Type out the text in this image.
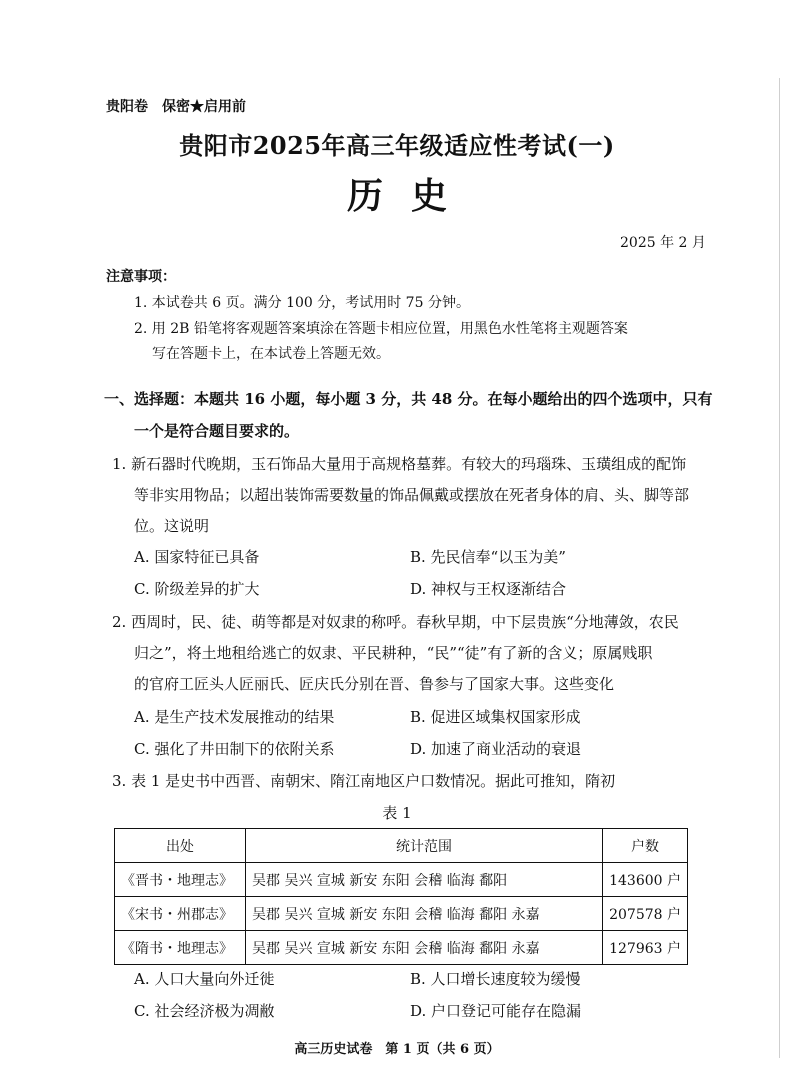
贵阳卷　保密★启用前
贵阳市2025年高三年级适应性考试(一)
历史
2025 年 2 月
注意事项：
1. 本试卷共 6 页。满分 100 分，考试用时 75 分钟。
2. 用 2B 铅笔将客观题答案填涂在答题卡相应位置，用黑色水性笔将主观题答案
写在答题卡上，在本试卷上答题无效。
一、选择题：本题共 16 小题，每小题 3 分，共 48 分。在每小题给出的四个选项中，只有
一个是符合题目要求的。
1. 新石器时代晚期，玉石饰品大量用于高规格墓葬。有较大的玛瑙珠、玉璜组成的配饰
等非实用物品；以超出装饰需要数量的饰品佩戴或摆放在死者身体的肩、头、脚等部
位。这说明
A. 国家特征已具备	B. 先民信奉“以玉为美”
C. 阶级差异的扩大	D. 神权与王权逐渐结合
2. 西周时，民、徒、萌等都是对奴隶的称呼。春秋早期，中下层贵族“分地薄敛，农民
归之”，将土地租给逃亡的奴隶、平民耕种，“民”“徒”有了新的含义；原属贱职
的官府工匠头人匠丽氏、匠庆氏分别在晋、鲁参与了国家大事。这些变化
A. 是生产技术发展推动的结果	B. 促进区域集权国家形成
C. 强化了井田制下的依附关系	D. 加速了商业活动的衰退
3. 表 1 是史书中西晋、南朝宋、隋江南地区户口数情况。据此可推知，隋初
表 1
出处	统计范围	户数
《晋书・地理志》	吴郡 吴兴 宣城 新安 东阳 会稽 临海 鄱阳	143600 户
《宋书・州郡志》	吴郡 吴兴 宣城 新安 东阳 会稽 临海 鄱阳 永嘉	207578 户
《隋书・地理志》	吴郡 吴兴 宣城 新安 东阳 会稽 临海 鄱阳 永嘉	127963 户
A. 人口大量向外迁徙	B. 人口增长速度较为缓慢
C. 社会经济极为凋敝	D. 户口登记可能存在隐漏
高三历史试卷　第 1 页（共 6 页）
